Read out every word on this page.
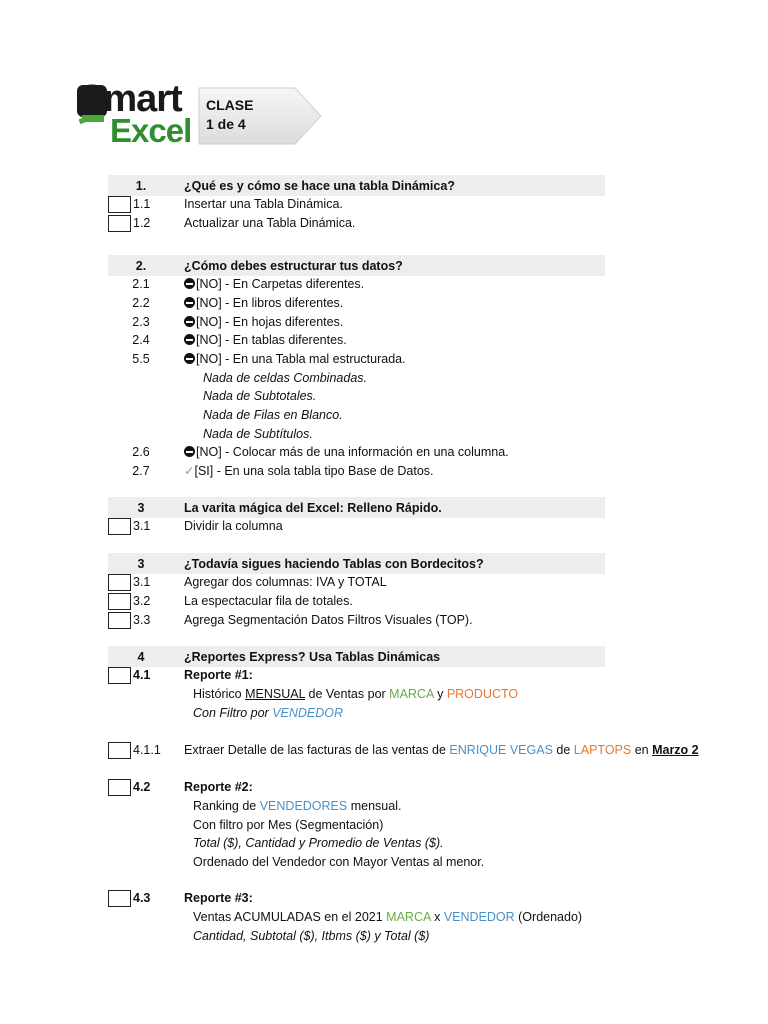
Smart
Excel
CLASE
1 de 4
1.	¿Qué es y cómo se hace una tabla Dinámica?
1.1	Insertar una Tabla Dinámica.
1.2	Actualizar una Tabla Dinámica.
2.	¿Cómo debes estructurar tus datos?
2.1	[NO] - En Carpetas diferentes.
2.2	[NO] - En libros diferentes.
2.3	[NO] - En hojas diferentes.
2.4	[NO] - En tablas diferentes.
5.5	[NO] - En una Tabla mal estructurada.
Nada de celdas Combinadas.
Nada de Subtotales.
Nada de Filas en Blanco.
Nada de Subtítulos.
2.6	[NO] - Colocar más de una información en una columna.
2.7	✓[SI] - En una sola tabla tipo Base de Datos.
3	La varita mágica del Excel: Relleno Rápido.
3.1	Dividir la columna
3	¿Todavía sigues haciendo Tablas con Bordecitos?
3.1	Agregar dos columnas: IVA y TOTAL
3.2	La espectacular fila de totales.
3.3	Agrega Segmentación Datos Filtros Visuales (TOP).
4	¿Reportes Express? Usa Tablas Dinámicas
4.1	Reporte #1:
Histórico MENSUAL de Ventas por MARCA y PRODUCTO
Con Filtro por VENDEDOR
4.1.1 Extraer Detalle de las facturas de las ventas de ENRIQUE VEGAS de LAPTOPS en Marzo 2
4.2	Reporte #2:
Ranking de VENDEDORES mensual.
Con filtro por Mes (Segmentación)
Total ($), Cantidad y Promedio de Ventas ($).
Ordenado del Vendedor con Mayor Ventas al menor.
4.3	Reporte #3:
Ventas ACUMULADAS en el 2021 MARCA x VENDEDOR (Ordenado)
Cantidad, Subtotal ($), Itbms ($) y Total ($)
